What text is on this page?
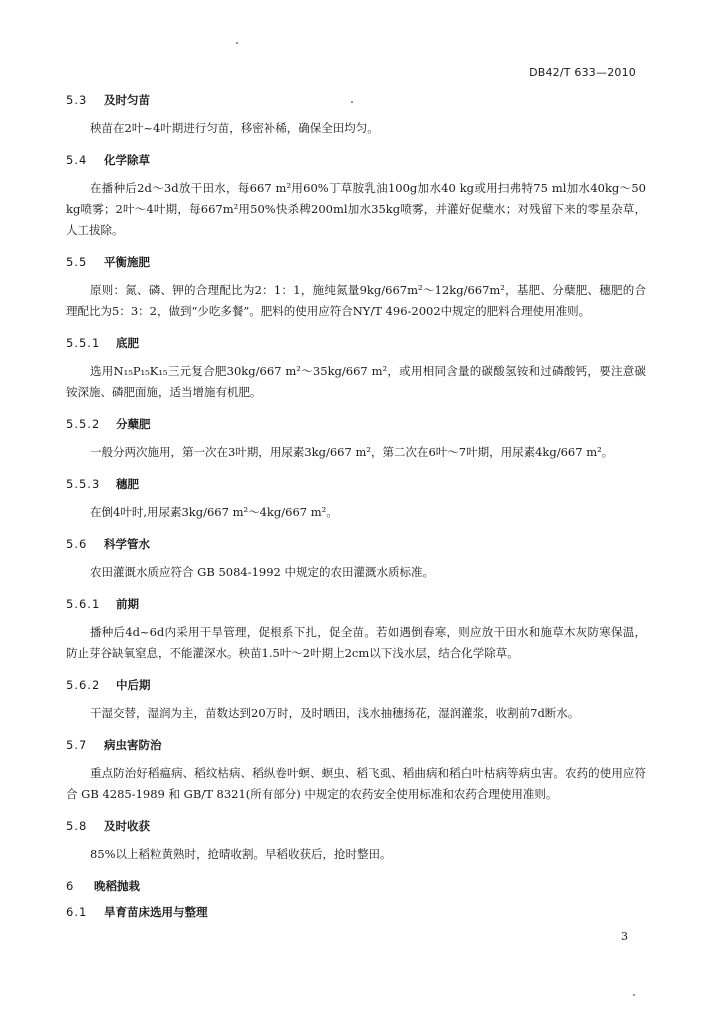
DB42/T 633—2010
5.3 及时匀苗

秧苗在2叶~4叶期进行匀苗，移密补稀，确保全田均匀。

5.4 化学除草

在播种后2d～3d放干田水，每667 m²用60%丁草胺乳油100g加水40 kg或用扫弗特75 ml加水40kg～50 kg喷雾；2叶～4叶期，每667m²用50%快杀稗200ml加水35kg喷雾，并灌好促蘖水；对残留下来的零星杂草，人工拔除。

5.5 平衡施肥

原则：氮、磷、钾的合理配比为2：1：1，施纯氮量9kg/667m²～12kg/667m²，基肥、分蘖肥、穗肥的合理配比为5：3：2，做到“少吃多餐”。肥料的使用应符合NY/T 496-2002中规定的肥料合理使用准则。

5.5.1 底肥

选用N₁₅P₁₅K₁₅三元复合肥30kg/667 m²～35kg/667 m²，或用相同含量的碳酸氢铵和过磷酸钙，要注意碳铵深施、磷肥面施，适当增施有机肥。

5.5.2 分蘖肥

一般分两次施用，第一次在3叶期，用尿素3kg/667 m²，第二次在6叶～7叶期，用尿素4kg/667 m²。

5.5.3 穗肥

在倒4叶时,用尿素3kg/667 m²～4kg/667 m²。

5.6 科学管水

农田灌溉水质应符合 GB 5084-1992 中规定的农田灌溉水质标准。

5.6.1 前期

播种后4d~6d内采用干旱管理，促根系下扎，促全苗。若如遇倒春寒，则应放干田水和施草木灰防寒保温，防止芽谷缺氧窒息，不能灌深水。秧苗1.5叶～2叶期上2cm以下浅水层，结合化学除草。

5.6.2 中后期

干湿交替，湿润为主，苗数达到20万时，及时晒田，浅水抽穗扬花，湿润灌浆，收割前7d断水。

5.7 病虫害防治

重点防治好稻瘟病、稻纹枯病、稻纵卷叶螟、螟虫、稻飞虱、稻曲病和稻白叶枯病等病虫害。农药的使用应符合 GB 4285-1989 和 GB/T 8321(所有部分) 中规定的农药安全使用标准和农药合理使用准则。

5.8 及时收获

85%以上稻粒黄熟时，抢晴收割。早稻收获后，抢时整田。

6 晚稻抛栽
6.1 旱育苗床选用与整理
3
